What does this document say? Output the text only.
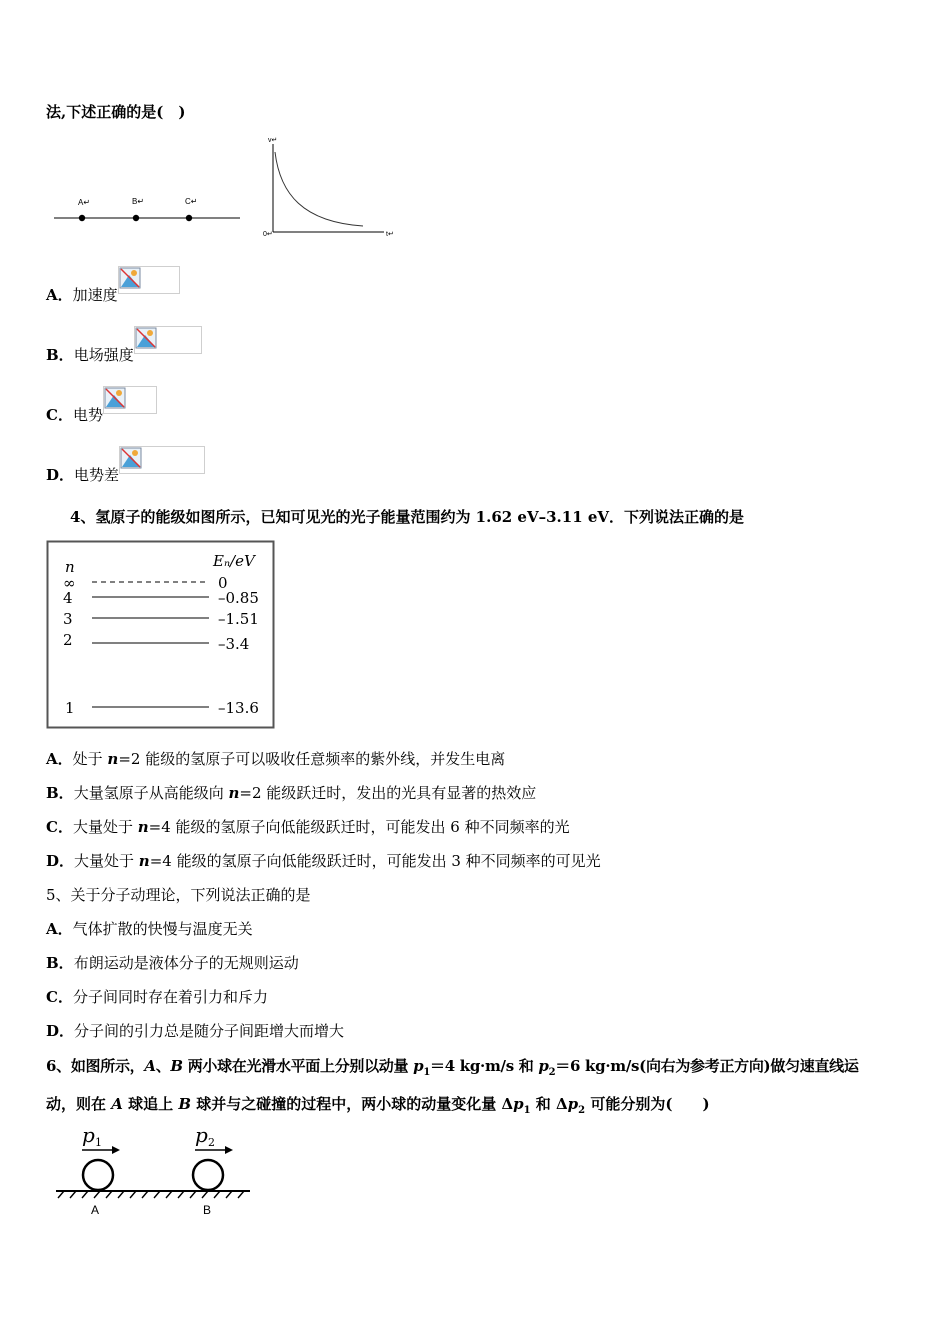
法,下述正确的是(　)
A↵	B↵	C↵
v↵
t↵
0↵
A．加速度
B．电场强度
C．电势
D．电势差
4、氢原子的能级如图所示，已知可见光的光子能量范围约为 1.62 eV–3.11 eV．下列说法正确的是
n	Eₙ/eV
∞	0
4	–0.85
3	–1.51
2	–3.4
1	–13.6
A．处于 n=2 能级的氢原子可以吸收任意频率的紫外线，并发生电离
B．大量氢原子从高能级向 n=2 能级跃迁时，发出的光具有显著的热效应
C．大量处于 n=4 能级的氢原子向低能级跃迁时，可能发出 6 种不同频率的光
D．大量处于 n=4 能级的氢原子向低能级跃迁时，可能发出 3 种不同频率的可见光
5、关于分子动理论，下列说法正确的是
A．气体扩散的快慢与温度无关
B．布朗运动是液体分子的无规则运动
C．分子间同时存在着引力和斥力
D．分子间的引力总是随分子间距增大而增大
6、如图所示，A、B 两小球在光滑水平面上分别以动量 $p_1=4$ kg·m/s 和 $p_2=6$ kg·m/s(向右为参考正方向)做匀速直线运
动，则在 A 球追上 B 球并与之碰撞的过程中，两小球的动量变化量 $\Delta p_1$ 和 $\Delta p_2$ 可能分别为(　　)
p 1	p 2
A	B
